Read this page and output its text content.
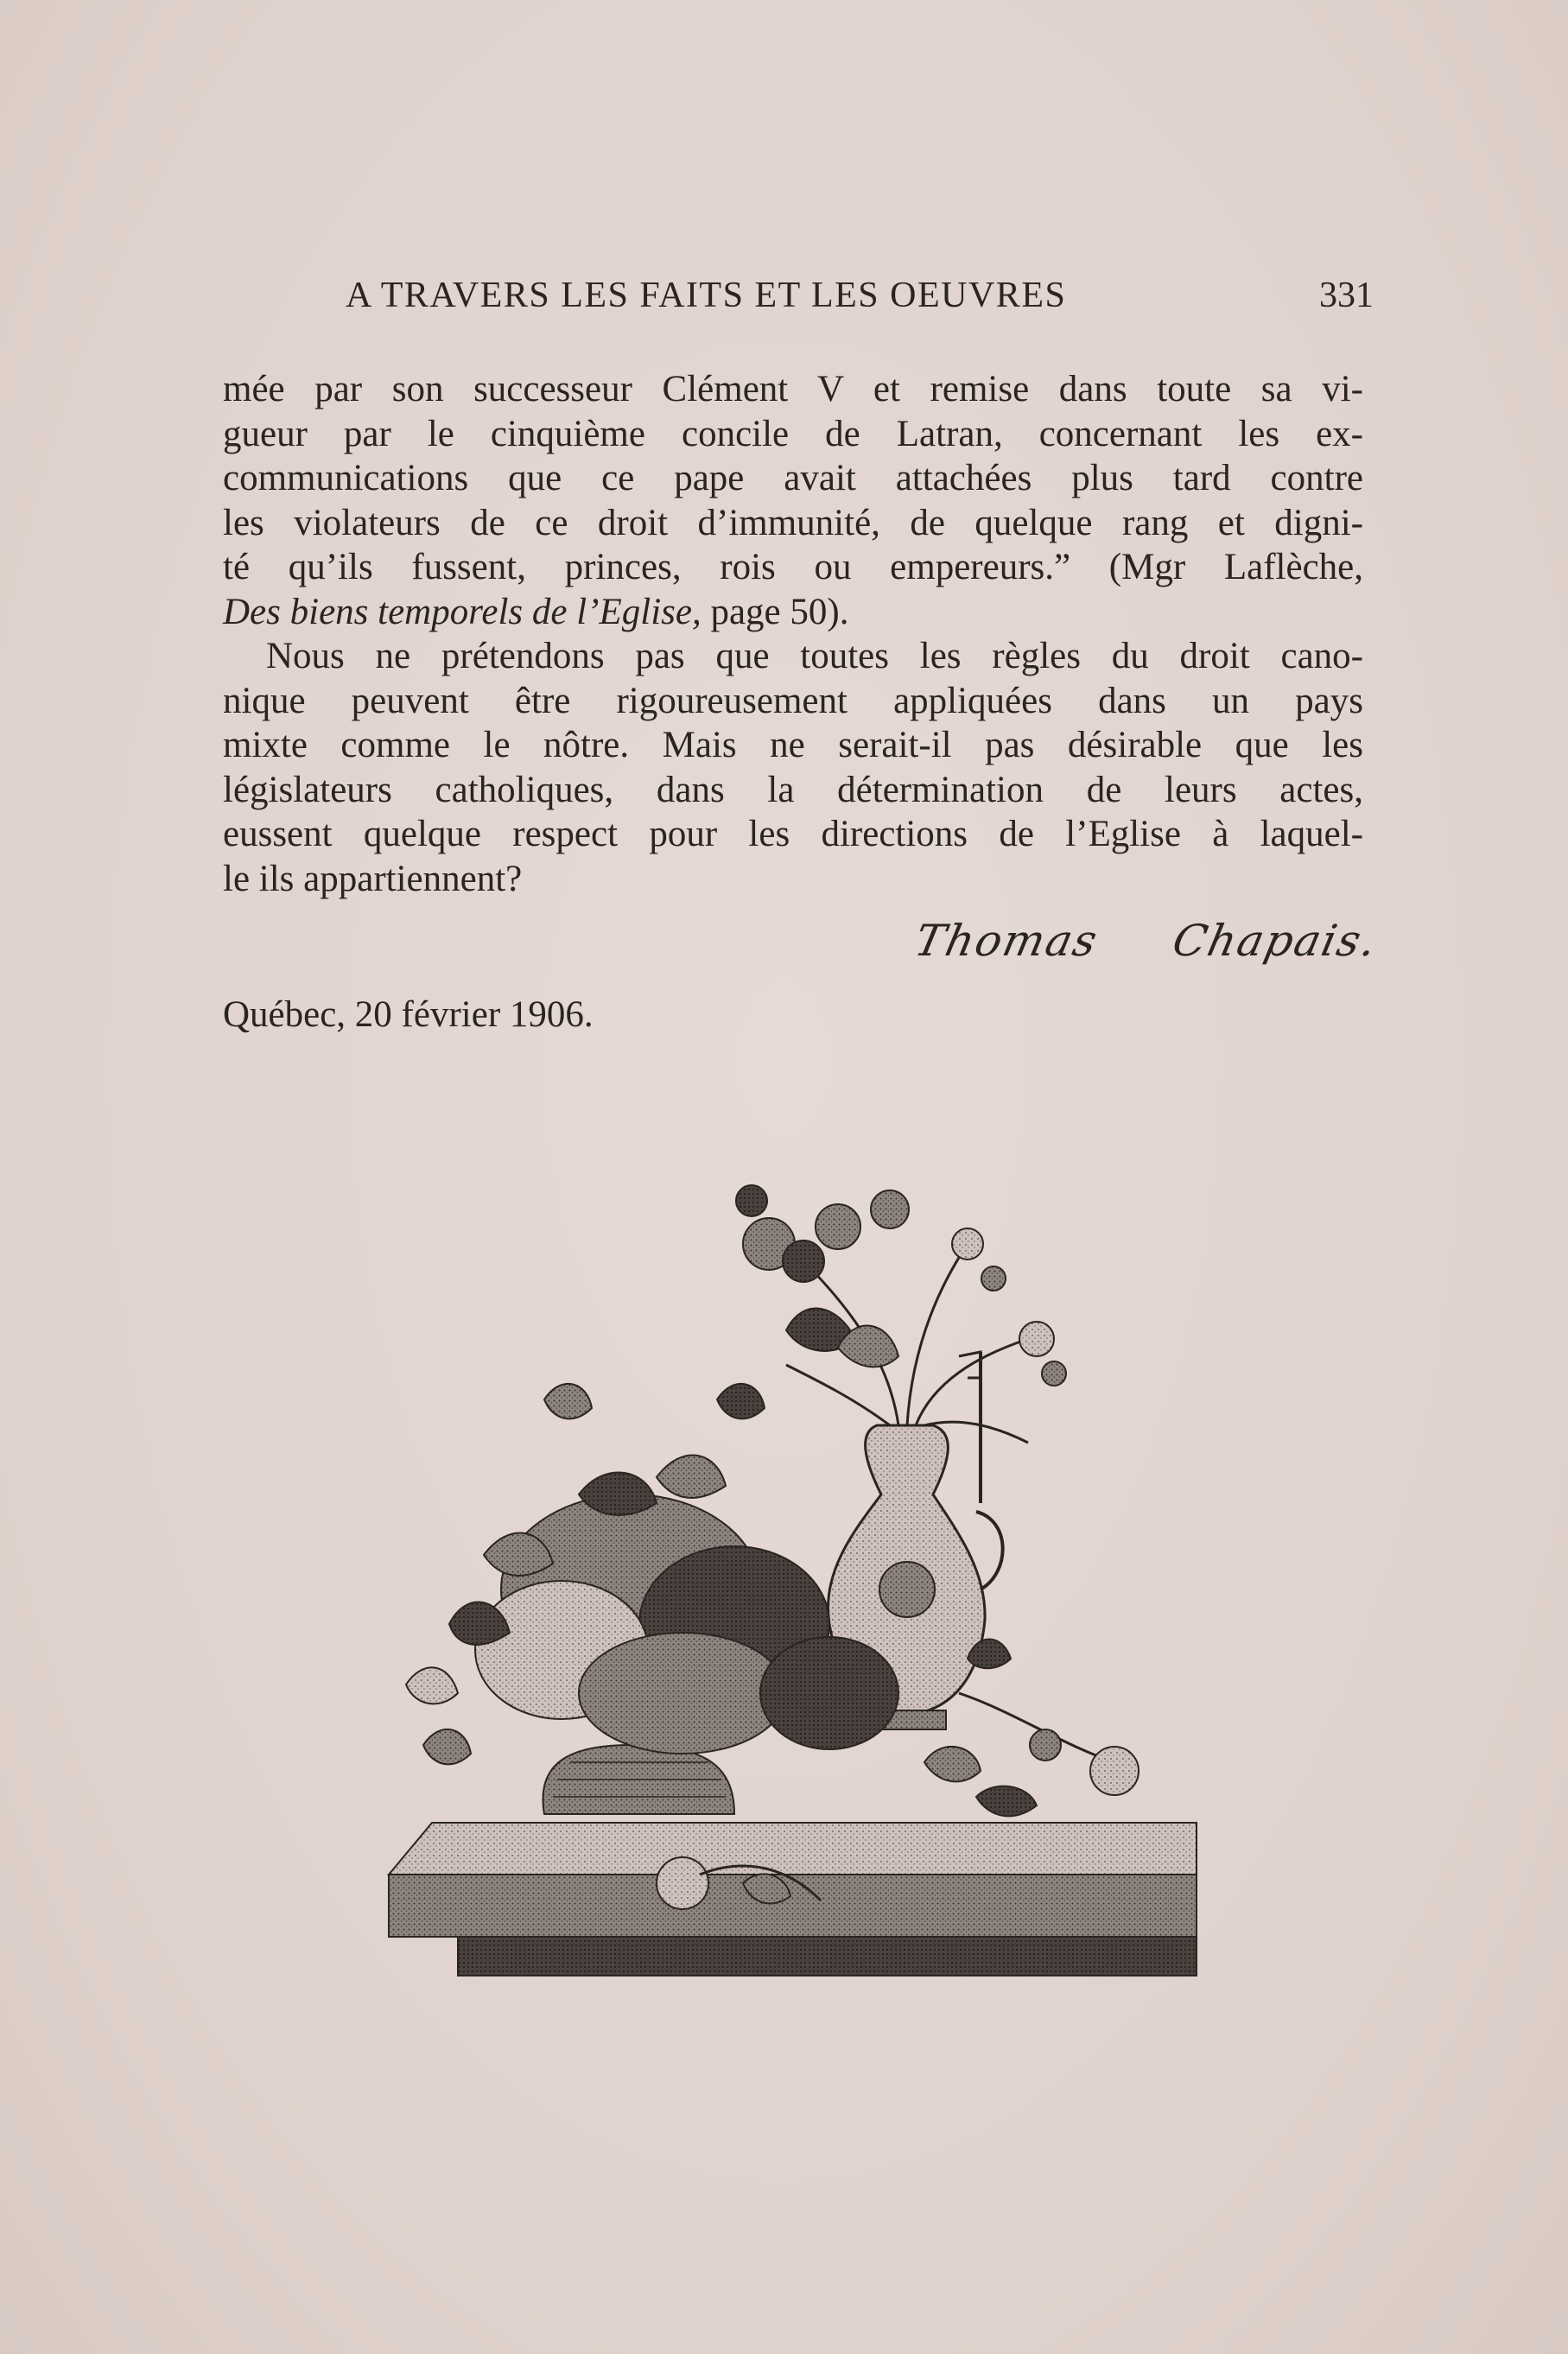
A TRAVERS LES FAITS ET LES OEUVRES	331
mée par son successeur Clément V et remise dans toute sa vi-
gueur par le cinquième concile de Latran, concernant les ex-
communications que ce pape avait attachées plus tard contre
les violateurs de ce droit d’immunité, de quelque rang et digni-
té qu’ils fussent, princes, rois ou empereurs.” (Mgr Laflèche,
Des biens temporels de l’Eglise, page 50).
Nous ne prétendons pas que toutes les règles du droit cano-
nique peuvent être rigoureusement appliquées dans un pays
mixte comme le nôtre. Mais ne serait-il pas désirable que les
législateurs catholiques, dans la détermination de leurs actes,
eussent quelque respect pour les directions de l’Eglise à laquel-
le ils appartiennent?
Thomas Chapais.
Québec, 20 février 1906.
